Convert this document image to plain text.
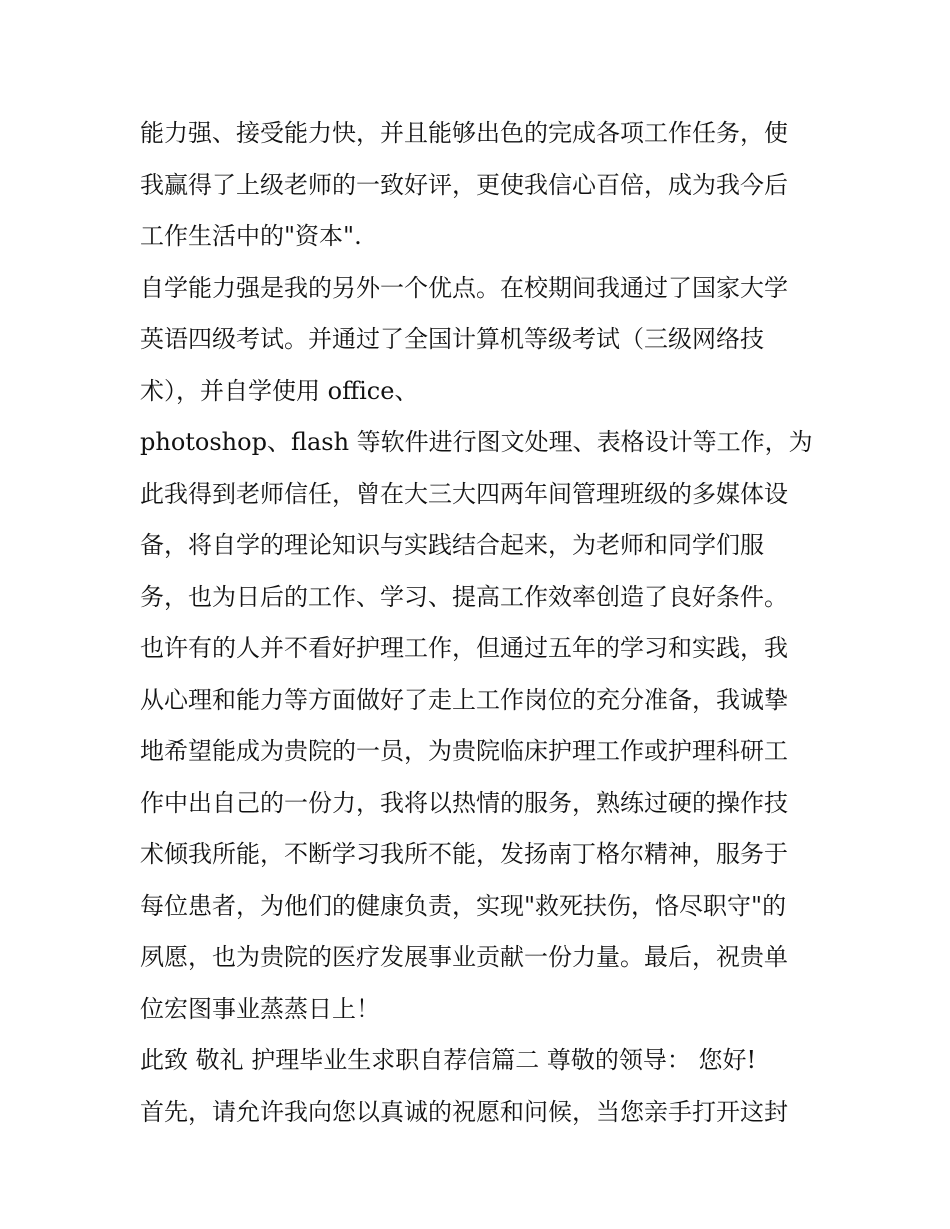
能力强、接受能力快，并且能够出色的完成各项工作任务，使
我赢得了上级老师的一致好评，更使我信心百倍，成为我今后
工作生活中的"资本".
自学能力强是我的另外一个优点。在校期间我通过了国家大学
英语四级考试。并通过了全国计算机等级考试（三级网络技
术），并自学使用 office、
photoshop、flash 等软件进行图文处理、表格设计等工作，为
此我得到老师信任，曾在大三大四两年间管理班级的多媒体设
备，将自学的理论知识与实践结合起来，为老师和同学们服
务，也为日后的工作、学习、提高工作效率创造了良好条件。
也许有的人并不看好护理工作，但通过五年的学习和实践，我
从心理和能力等方面做好了走上工作岗位的充分准备，我诚挚
地希望能成为贵院的一员，为贵院临床护理工作或护理科研工
作中出自己的一份力，我将以热情的服务，熟练过硬的操作技
术倾我所能，不断学习我所不能，发扬南丁格尔精神，服务于
每位患者，为他们的健康负责，实现"救死扶伤，恪尽职守"的
夙愿，也为贵院的医疗发展事业贡献一份力量。最后，祝贵单
位宏图事业蒸蒸日上！
此致 敬礼 护理毕业生求职自荐信篇二 尊敬的领导： 您好!
首先，请允许我向您以真诚的祝愿和问候，当您亲手打开这封
